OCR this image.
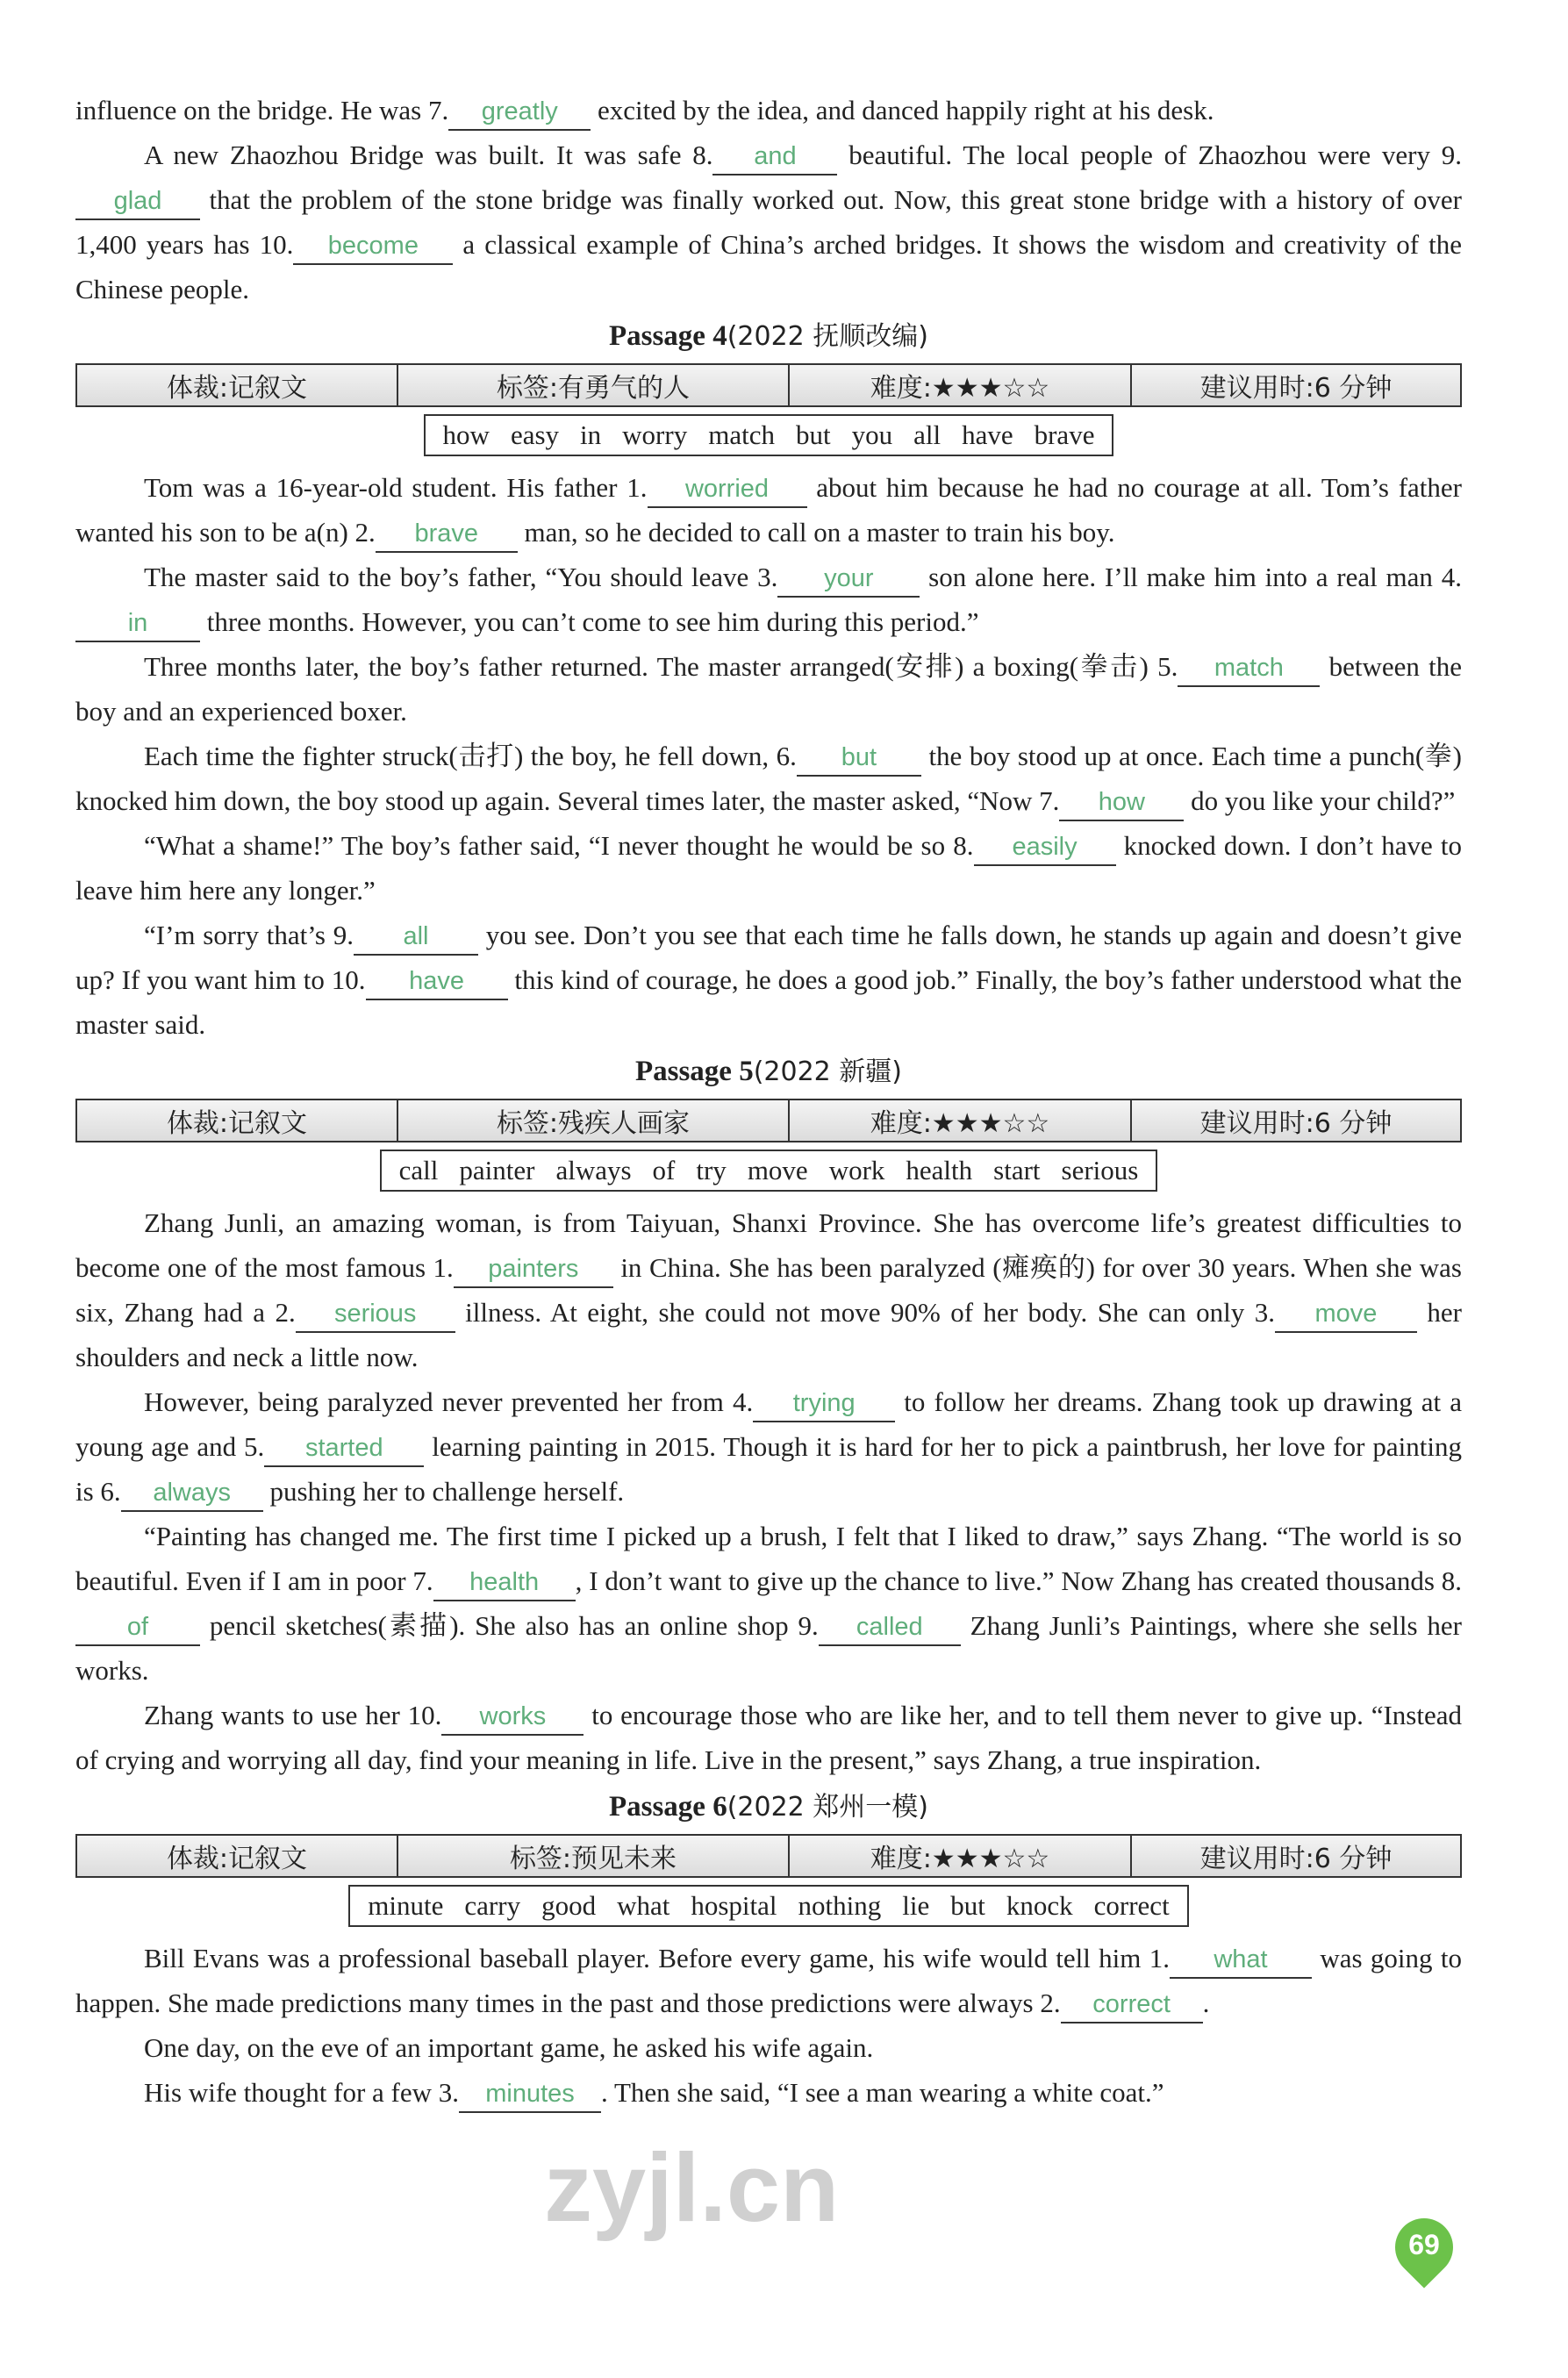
influence on the bridge. He was 7. greatly excited by the idea, and danced happily right at his desk.

A new Zhaozhou Bridge was built. It was safe 8. and beautiful. The local people of Zhaozhou were very 9.glad that the problem of the stone bridge was finally worked out. Now, this great stone bridge with a history of over 1,400 years has 10. become a classical example of China’s arched bridges. It shows the wisdom and creativity of the Chinese people.

Passage 4(2022 抚顺改编)
体裁:记叙文	标签:有勇气的人	难度:★★★☆☆	建议用时:6 分钟
how easy in worry match but you all have brave

Tom was a 16-year-old student. His father 1. worried about him because he had no courage at all. Tom’s father wanted his son to be a(n) 2. brave man, so he decided to call on a master to train his boy.

The master said to the boy’s father, “You should leave 3. your son alone here. I’ll make him into a real man 4.in three months. However, you can’t come to see him during this period.”

Three months later, the boy’s father returned. The master arranged(安排) a boxing(拳击) 5. match between the boy and an experienced boxer.

Each time the fighter struck(击打) the boy, he fell down, 6. but the boy stood up at once. Each time a punch(拳) knocked him down, the boy stood up again. Several times later, the master asked, “Now 7. how do you like your child?”

“What a shame!” The boy’s father said, “I never thought he would be so 8. easily knocked down. I don’t have to leave him here any longer.”

“I’m sorry that’s 9. all you see. Don’t you see that each time he falls down, he stands up again and doesn’t give up? If you want him to 10. have this kind of courage, he does a good job.” Finally, the boy’s father understood what the master said.

Passage 5(2022 新疆)
体裁:记叙文	标签:残疾人画家	难度:★★★☆☆	建议用时:6 分钟
call painter always of try move work health start serious

Zhang Junli, an amazing woman, is from Taiyuan, Shanxi Province. She has overcome life’s greatest difficulties to become one of the most famous 1. painters in China. She has been paralyzed (瘫痪的) for over 30 years. When she was six, Zhang had a 2. serious illness. At eight, she could not move 90% of her body. She can only 3. move her shoulders and neck a little now.

However, being paralyzed never prevented her from 4. trying to follow her dreams. Zhang took up drawing at a young age and 5. started learning painting in 2015. Though it is hard for her to pick a paintbrush, her love for painting is 6. always pushing her to challenge herself.

“Painting has changed me. The first time I picked up a brush, I felt that I liked to draw,” says Zhang. “The world is so beautiful. Even if I am in poor 7. health , I don’t want to give up the chance to live.” Now Zhang has created thousands 8.of pencil sketches(素描). She also has an online shop 9. called Zhang Junli’s Paintings, where she sells her works.

Zhang wants to use her 10. works to encourage those who are like her, and to tell them never to give up. “Instead of crying and worrying all day, find your meaning in life. Live in the present,” says Zhang, a true inspiration.

Passage 6(2022 郑州一模)
体裁:记叙文	标签:预见未来	难度:★★★☆☆	建议用时:6 分钟
minute carry good what hospital nothing lie but knock correct

Bill Evans was a professional baseball player. Before every game, his wife would tell him 1. what was going to happen. She made predictions many times in the past and those predictions were always 2. correct .

One day, on the eve of an important game, he asked his wife again.

His wife thought for a few 3. minutes . Then she said, “I see a man wearing a white coat.”

zyjl.cn
69
